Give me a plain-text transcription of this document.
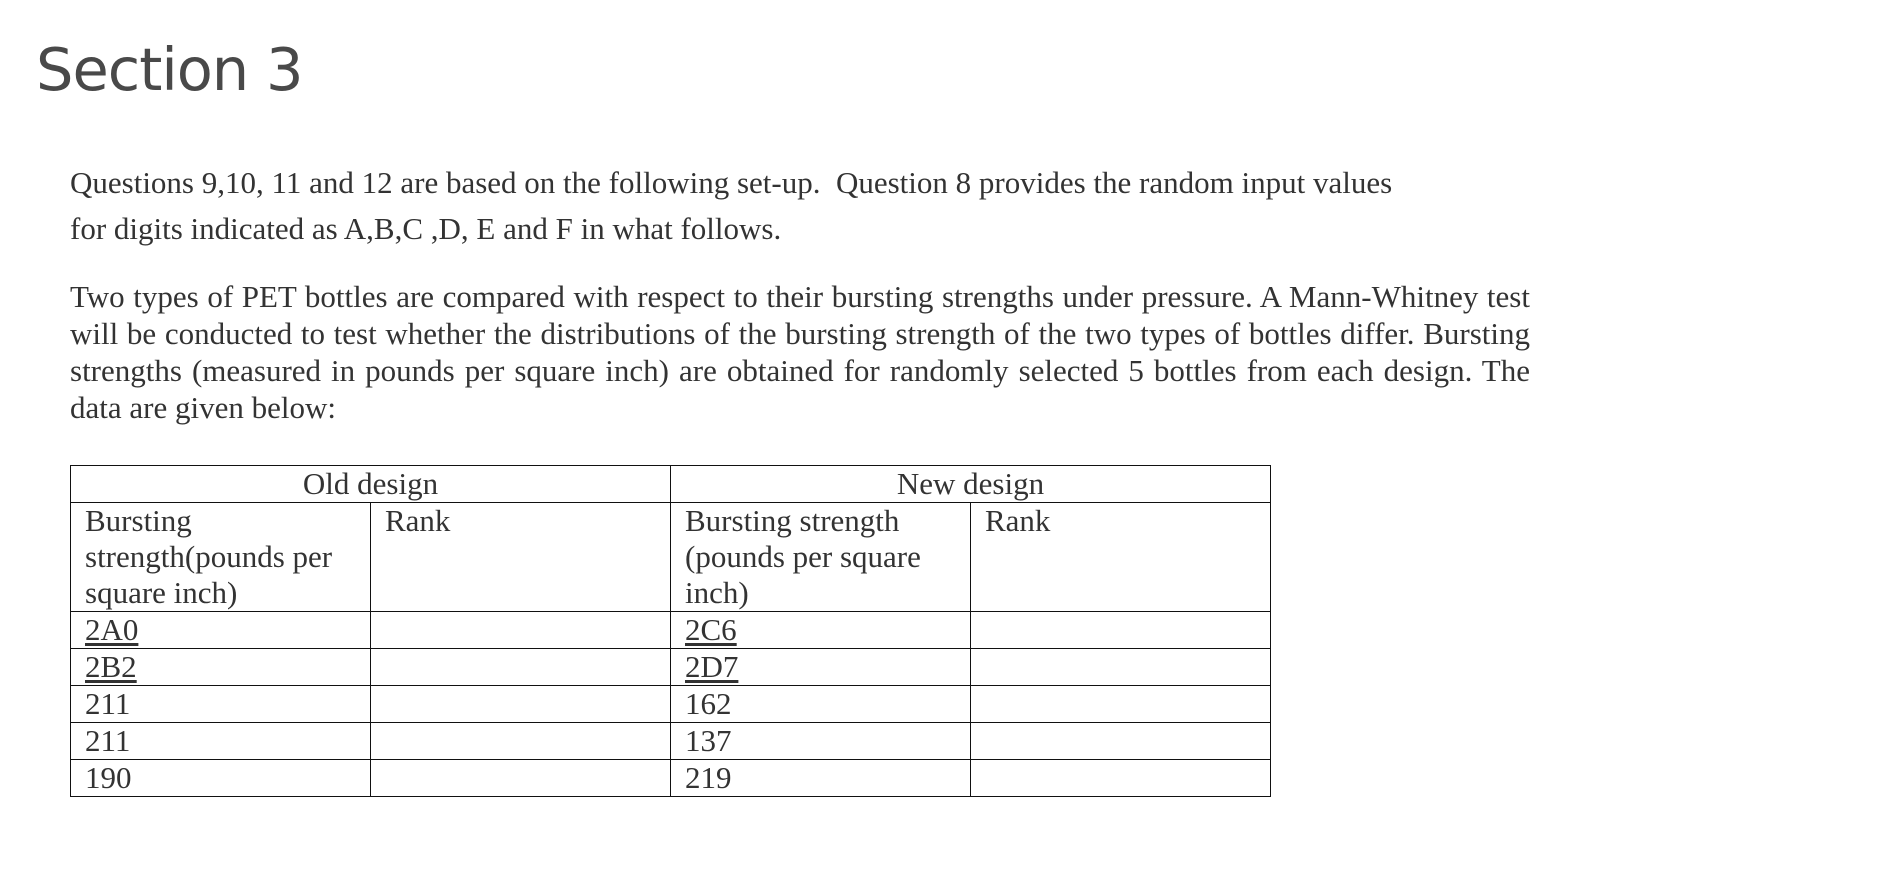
Section 3

Questions 9,10, 11 and 12 are based on the following set-up.  Question 8 provides the random input values
for digits indicated as A,B,C ,D, E and F in what follows.

Two types of PET bottles are compared with respect to their bursting strengths under pressure. A Mann-Whitney test will be conducted to test whether the distributions of the bursting strength of the two types of bottles differ. Bursting strengths (measured in pounds per square inch) are obtained for randomly selected 5 bottles from each design. The data are given below:

Old design		New design	
Bursting strength(pounds per square inch)	Rank	Bursting strength (pounds per square inch)	Rank
2A0		2C6	
2B2		2D7	
211		162	
211		137	
190		219	
